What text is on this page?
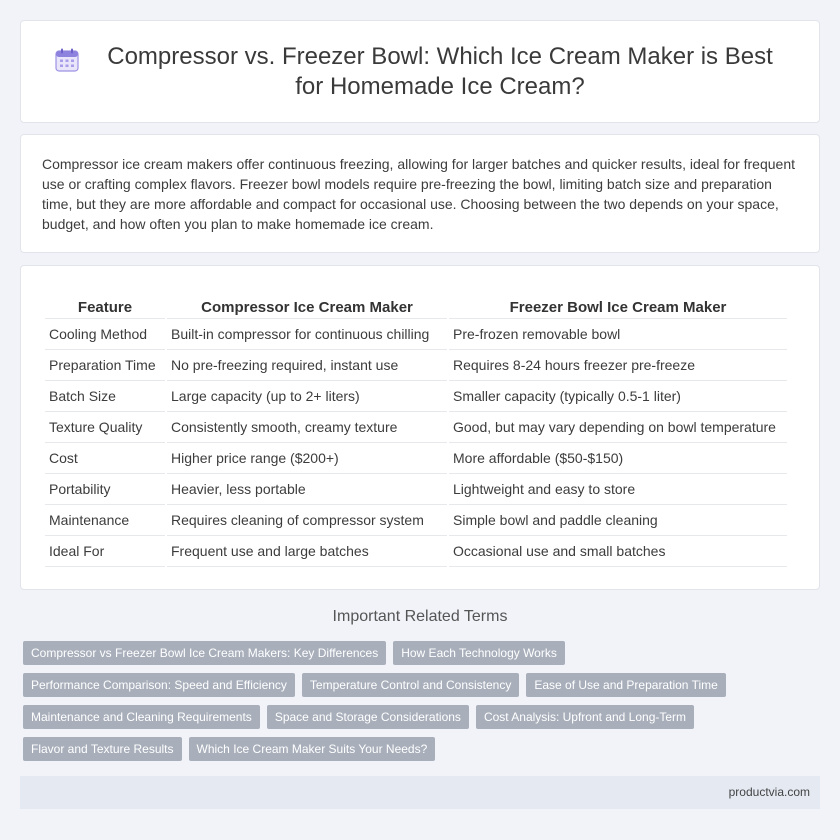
Compressor vs. Freezer Bowl: Which Ice Cream Maker is Best for Homemade Ice Cream?

Compressor ice cream makers offer continuous freezing, allowing for larger batches and quicker results, ideal for frequent use or crafting complex flavors. Freezer bowl models require pre-freezing the bowl, limiting batch size and preparation time, but they are more affordable and compact for occasional use. Choosing between the two depends on your space, budget, and how often you plan to make homemade ice cream.

Feature	Compressor Ice Cream Maker	Freezer Bowl Ice Cream Maker
Cooling Method	Built-in compressor for continuous chilling	Pre-frozen removable bowl
Preparation Time	No pre-freezing required, instant use	Requires 8-24 hours freezer pre-freeze
Batch Size	Large capacity (up to 2+ liters)	Smaller capacity (typically 0.5-1 liter)
Texture Quality	Consistently smooth, creamy texture	Good, but may vary depending on bowl temperature
Cost	Higher price range ($200+)	More affordable ($50-$150)
Portability	Heavier, less portable	Lightweight and easy to store
Maintenance	Requires cleaning of compressor system	Simple bowl and paddle cleaning
Ideal For	Frequent use and large batches	Occasional use and small batches
Important Related Terms
Compressor vs Freezer Bowl Ice Cream Makers: Key Differences	How Each Technology Works
Performance Comparison: Speed and Efficiency	Temperature Control and Consistency	Ease of Use and Preparation Time
Maintenance and Cleaning Requirements	Space and Storage Considerations	Cost Analysis: Upfront and Long-Term
Flavor and Texture Results	Which Ice Cream Maker Suits Your Needs?
productvia.com
